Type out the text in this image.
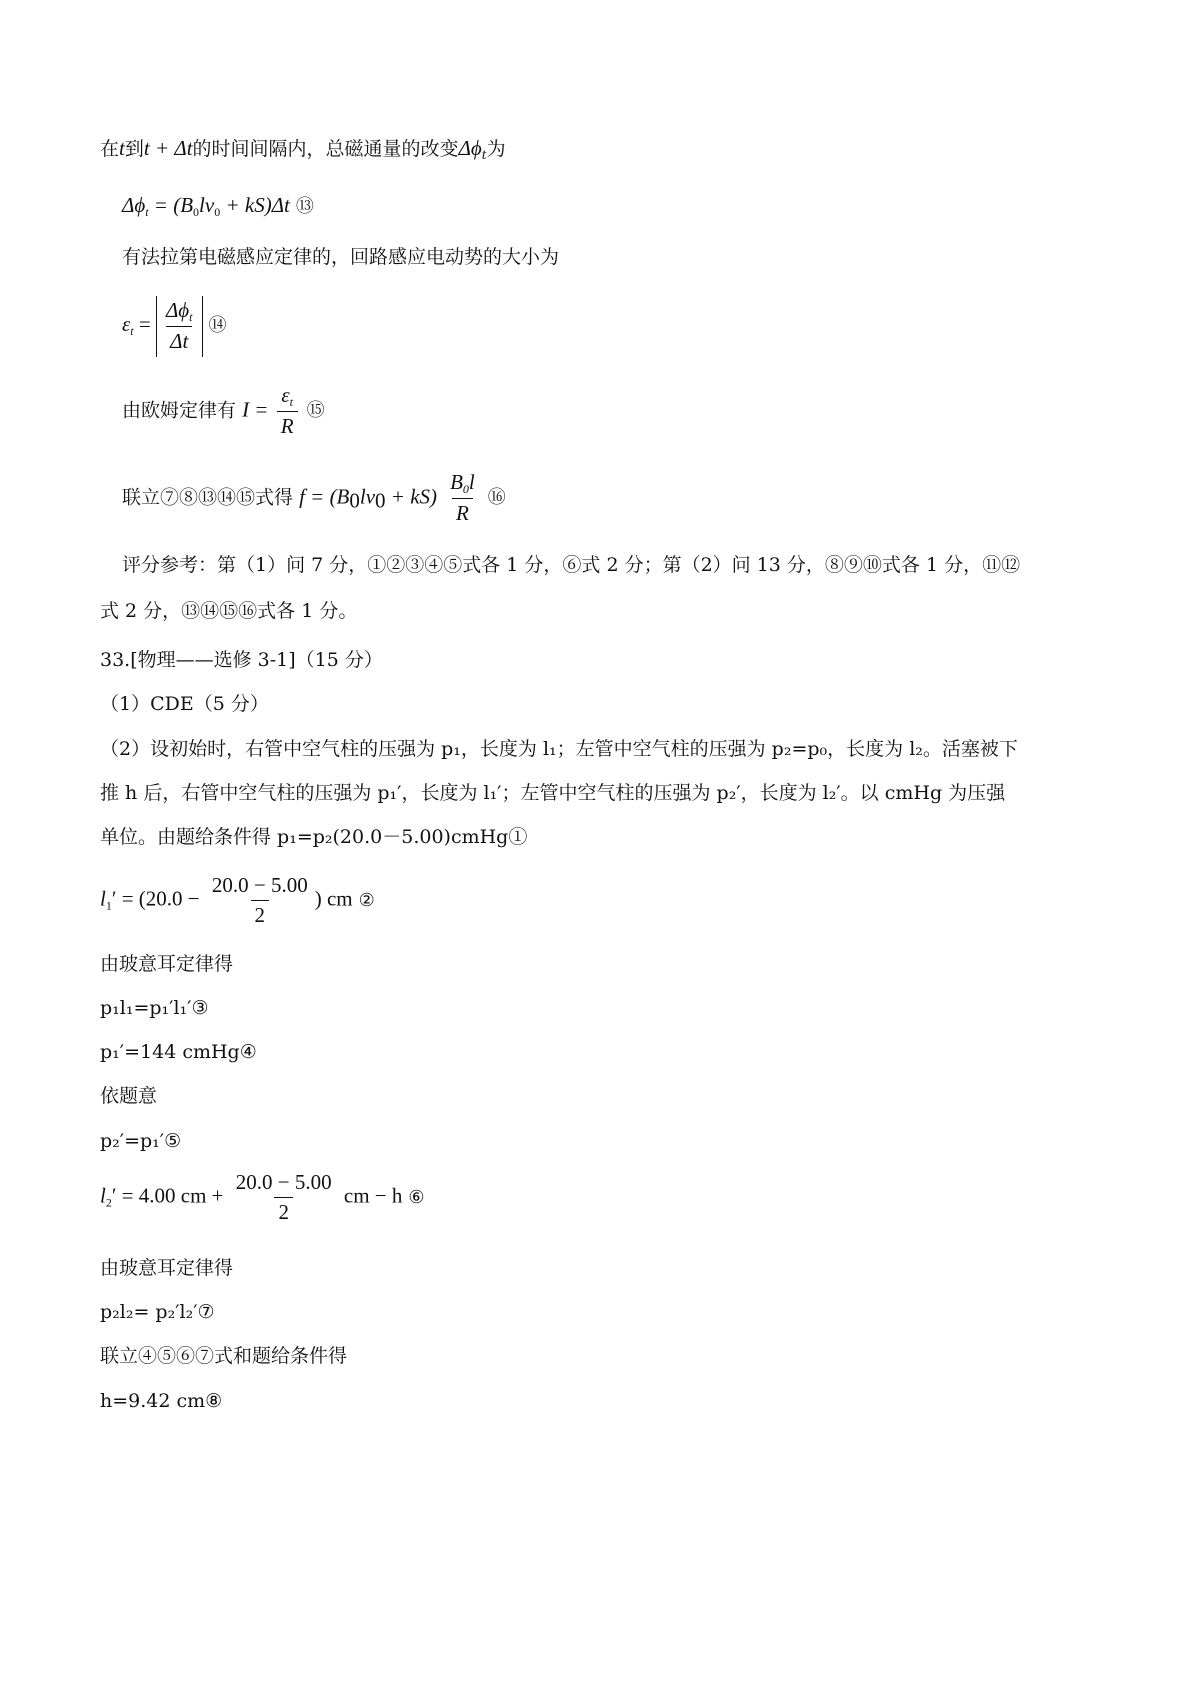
在t到t + Δt的时间间隔内，总磁通量的改变$\Delta\phi_t$为
$\Delta\phi_t = (B_0lv_0 + kS)\Delta t$ ⑬
有法拉第电磁感应定律的，回路感应电动势的大小为
$\varepsilon_t = \frac{\Delta\phi_t}{\Delta t}$ ⑭
由欧姆定律有 $I = \frac{\varepsilon_t}{R}$ ⑮
联立⑦⑧⑬⑭⑮式得 $f = (B_0lv_0 + kS) \frac{B_0l}{R}$ ⑯
评分参考：第（1）问 7 分，①②③④⑤式各 1 分，⑥式 2 分；第（2）问 13 分，⑧⑨⑩式各 1 分，⑪⑫
式 2 分，⑬⑭⑮⑯式各 1 分。
33.[物理——选修 3-1]（15 分）
（1）CDE（5 分）
（2）设初始时，右管中空气柱的压强为 p₁，长度为 l₁；左管中空气柱的压强为 p₂=p₀，长度为 l₂。活塞被下
推 h 后，右管中空气柱的压强为 p₁′，长度为 l₁′；左管中空气柱的压强为 p₂′，长度为 l₂′。以 cmHg 为压强
单位。由题给条件得 p₁=p₂(20.0－5.00)cmHg①
$l_1' = (20.0 - \frac{20.0 - 5.00}{2}$ ) cm ②
由玻意耳定律得
p₁l₁=p₁′l₁′③
p₁′=144 cmHg④
依题意
p₂′=p₁′⑤
$l_2' = 4.00$ cm + $\frac{20.0 - 5.00}{2}$ cm − h ⑥
由玻意耳定律得
p₂l₂= p₂′l₂′⑦
联立④⑤⑥⑦式和题给条件得
h=9.42 cm⑧
